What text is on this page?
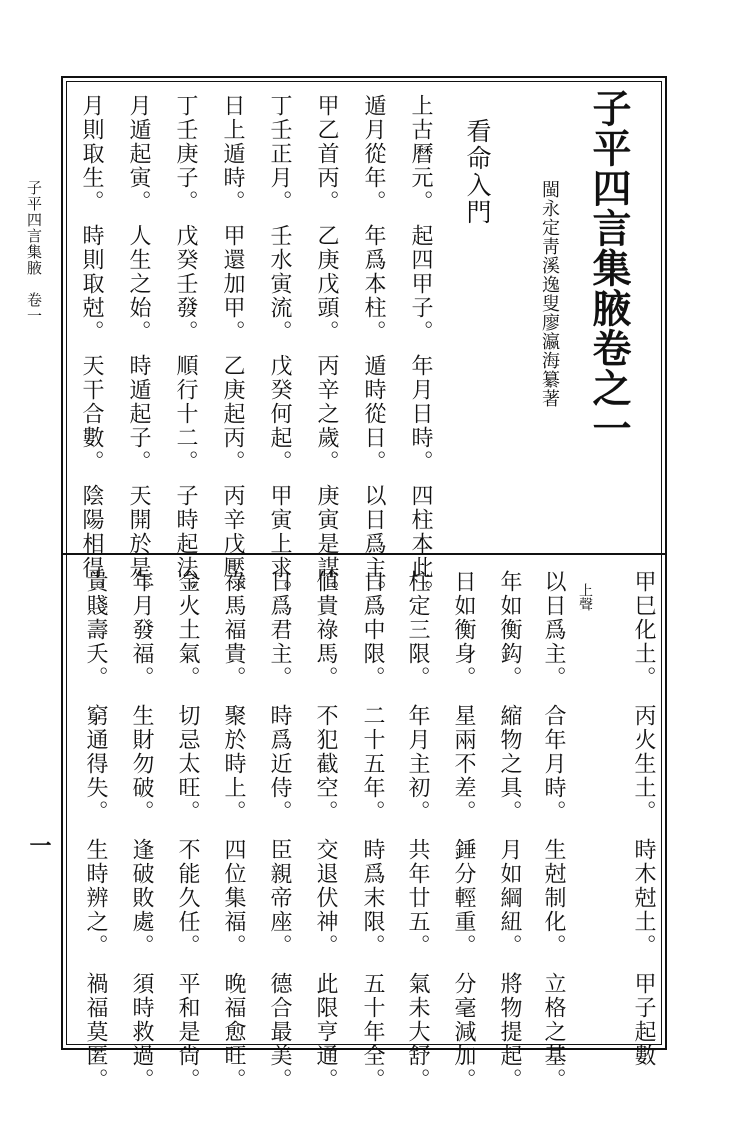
子平四言集腋　卷一
一
子平四言集腋卷之一
閩永定靑溪逸叟廖瀛海纂著
看命入門
上古曆元。起四甲子。年月日時。四柱本此。
遁月從年。年爲本柱。遁時從日。以日爲主。
甲乙首丙。乙庚戊頭。丙辛之歲。庚寅是謀。
丁壬正月。壬水寅流。戊癸何起。甲寅上求。
日上遁時。甲還加甲。乙庚起丙。丙辛戊壓。
丁壬庚子。戊癸壬發。順行十二。子時起法。
月遁起寅。人生之始。時遁起子。天開於是。
月則取生。時則取尅。天干合數。陰陽相得。	上聲 甲巳化土。丙火生土。時木尅土。甲子起數
以日爲主。合年月時。生尅制化。立格之基。
年如衡鈎。縮物之具。月如綱紐。將物提起。
日如衡身。星兩不差。錘分輕重。分毫減加。
柱定三限。年月主初。共年廿五。氣未大舒。
日爲中限。二十五年。時爲末限。五十年全。
値貴祿馬。不犯截空。交退伏神。此限亨通。
日爲君主。時爲近侍。臣親帝座。德合最美。
祿馬福貴。聚於時上。四位集福。晚福愈旺。
金火土氣。切忌太旺。不能久任。平和是尙。
年月發福。生財勿破。逢破敗處。須時救過。
貴賤壽夭。窮通得失。生時辨之。禍福莫匿。
